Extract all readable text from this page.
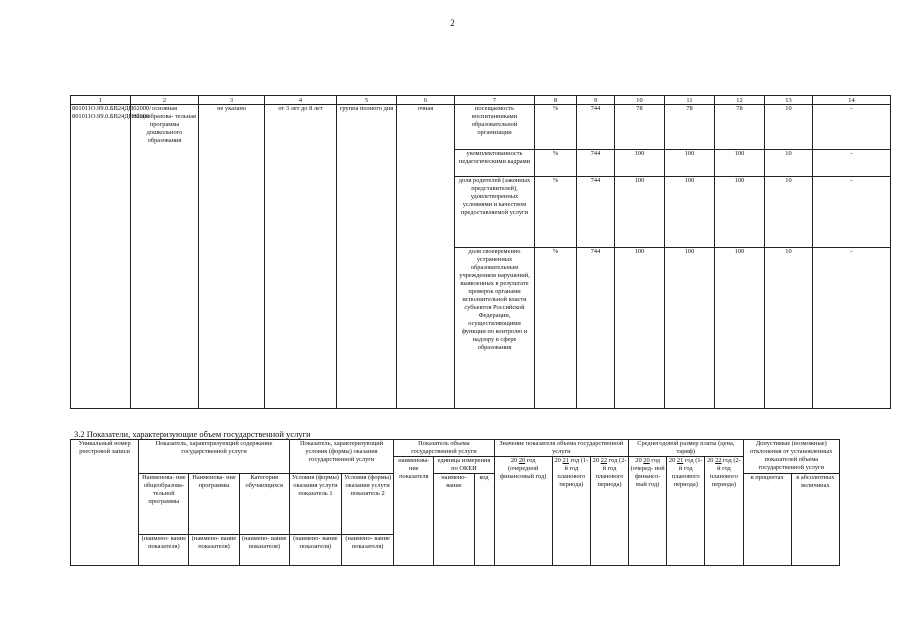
2
1	2	3	4	5	6	7	8	9	10	11	12	13	14
801011О.99.0.БВ24ДП02000/ 801011О.99.0.БВ24ДН82000	основная общеобразова- тельная программа дошкольного образования	не указано	от 3 лет до 8 лет	группа полного дня	очная	посещаемость воспитанниками образовательной организации	%	744	78	78	78	10	-
						укомплектованность педагогическими кадрами	%	744	100	100	100	10	-
						доля родителей (законных представителей), удовлетворенных условиями и качеством предоставляемой услуги	%	744	100	100	100	10	-
						доля своевременно устраненных образовательным учреждением нарушений, выявленных в результате проверок органами исполнительной власти субъектов Российской Федерации, осуществляющими функции по контролю и надзору в сфере образования	%	744	100	100	100	10	-
3.2 Показатели, характеризующие объем государственной услуги
Уникальный номер реестровой записи	Показатель, характеризующий содержание государственной услуги			Показатель, характеризующий условия (формы) оказания государственной услуги		Показатель объема государственной услуги			Значение показателя объема государственной услуги			Среднегодовой размер платы (цена, тариф)			Допустимые (возможные) отклонения от установленных показателей объема государственной услуги	
						наименова- ние показателя	единица измерения по ОКЕИ		20 20 год (очередной финансовый год)	20 21 год (1-й год планового периода)	20 22 год (2-й год планового периода)	20 20 год (очеред- ной финансо- вый год)	20 21 год (1-й год планового периода)	20 22 год (2-й год планового периода)		
	Наименова- ние общеобразова- тельной программы	Наименова- ние программы	Категория обучающихся	Условия (формы) оказания услуги показатель 1	Условия (формы) оказания услуги показатель 2		наимено- вание	код							в процентах	в абсолютных величинах
	(наимено- вание показателя)	(наимено- вание показателя)	(наимено- вание показателя)	(наимено- вание показателя)	(наимено- вание показателя)											
